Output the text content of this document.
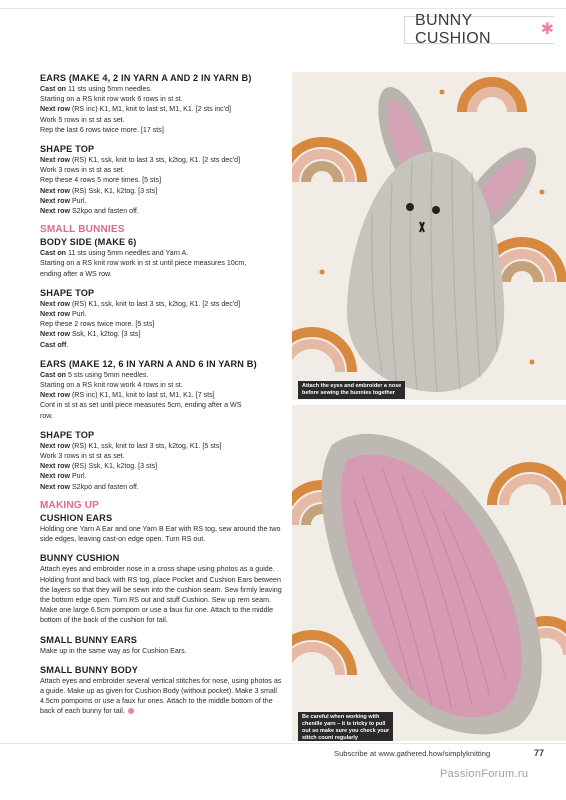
BUNNY CUSHION
✱
EARS (MAKE 4, 2 IN YARN A AND 2 IN YARN B)
Cast on 11 sts using 5mm needles.
Starting on a RS knit row work 6 rows in st st.
Next row (RS inc) K1, M1, knit to last st, M1, K1. [2 sts inc'd]
Work 5 rows in st st as set.
Rep the last 6 rows twice more. [17 sts]
SHAPE TOP
Next row (RS) K1, ssk, knit to last 3 sts, k2tog, K1. [2 sts dec'd]
Work 3 rows in st st as set.
Rep these 4 rows 5 more times. [5 sts]
Next row (RS) Ssk, K1, k2tog. [3 sts]
Next row Purl.
Next row S2kpo and fasten off.
SMALL BUNNIES
BODY SIDE (MAKE 6)
Cast on 11 sts using 5mm needles and Yarn A.
Starting on a RS knit row work in st st until piece measures 10cm,
ending after a WS row.
SHAPE TOP
Next row (RS) K1, ssk, knit to last 3 sts, k2tog, K1. [2 sts dec'd]
Next row Purl.
Rep these 2 rows twice more. [5 sts]
Next row Ssk, K1, k2tog. [3 sts]
Cast off.
EARS (MAKE 12, 6 IN YARN A AND 6 IN YARN B)
Cast on 5 sts using 5mm needles.
Starting on a RS knit row work 4 rows in st st.
Next row (RS inc) K1, M1, knit to last st, M1, K1. [7 sts]
Cont in st st as set until piece measures 5cm, ending after a WS
row.
SHAPE TOP
Next row (RS) K1, ssk, knit to last 3 sts, k2tog, K1. [5 sts]
Work 3 rows in st st as set.
Next row (RS) Ssk, K1, k2tog. [3 sts]
Next row Purl.
Next row S2kpo and fasten off.
MAKING UP
CUSHION EARS
Holding one Yarn A Ear and one Yarn B Ear with RS tog, sew around the two side edges, leaving cast-on edge open. Turn RS out.
BUNNY CUSHION
Attach eyes and embroider nose in a cross shape using photos as a guide. Holding front and back with RS tog, place Pocket and Cushion Ears between the layers so that they will be sewn into the cushion seam. Sew firmly leaving the bottom edge open. Turn RS out and stuff Cushion. Sew up rem seam. Make one large 6.5cm pompom or use a faux fur one. Attach to the middle bottom of the back of the cushion for tail.
SMALL BUNNY EARS
Make up in the same way as for Cushion Ears.
SMALL BUNNY BODY
Attach eyes and embroider several vertical stitches for nose, using photos as a guide. Make up as given for Cushion Body (without pocket). Make 3 small 4.5cm pompoms or use a faux fur ones. Attach to the middle bottom of the back of each bunny for tail.
Attach the eyes and embroider a nose
before sewing the bunnies together
Be careful when working with
chenille yarn – it is tricky to pull
out so make sure you check your
stitch count regularly
Subscribe at www.gathered.how/simplyknitting	77
PassionForum.ru
